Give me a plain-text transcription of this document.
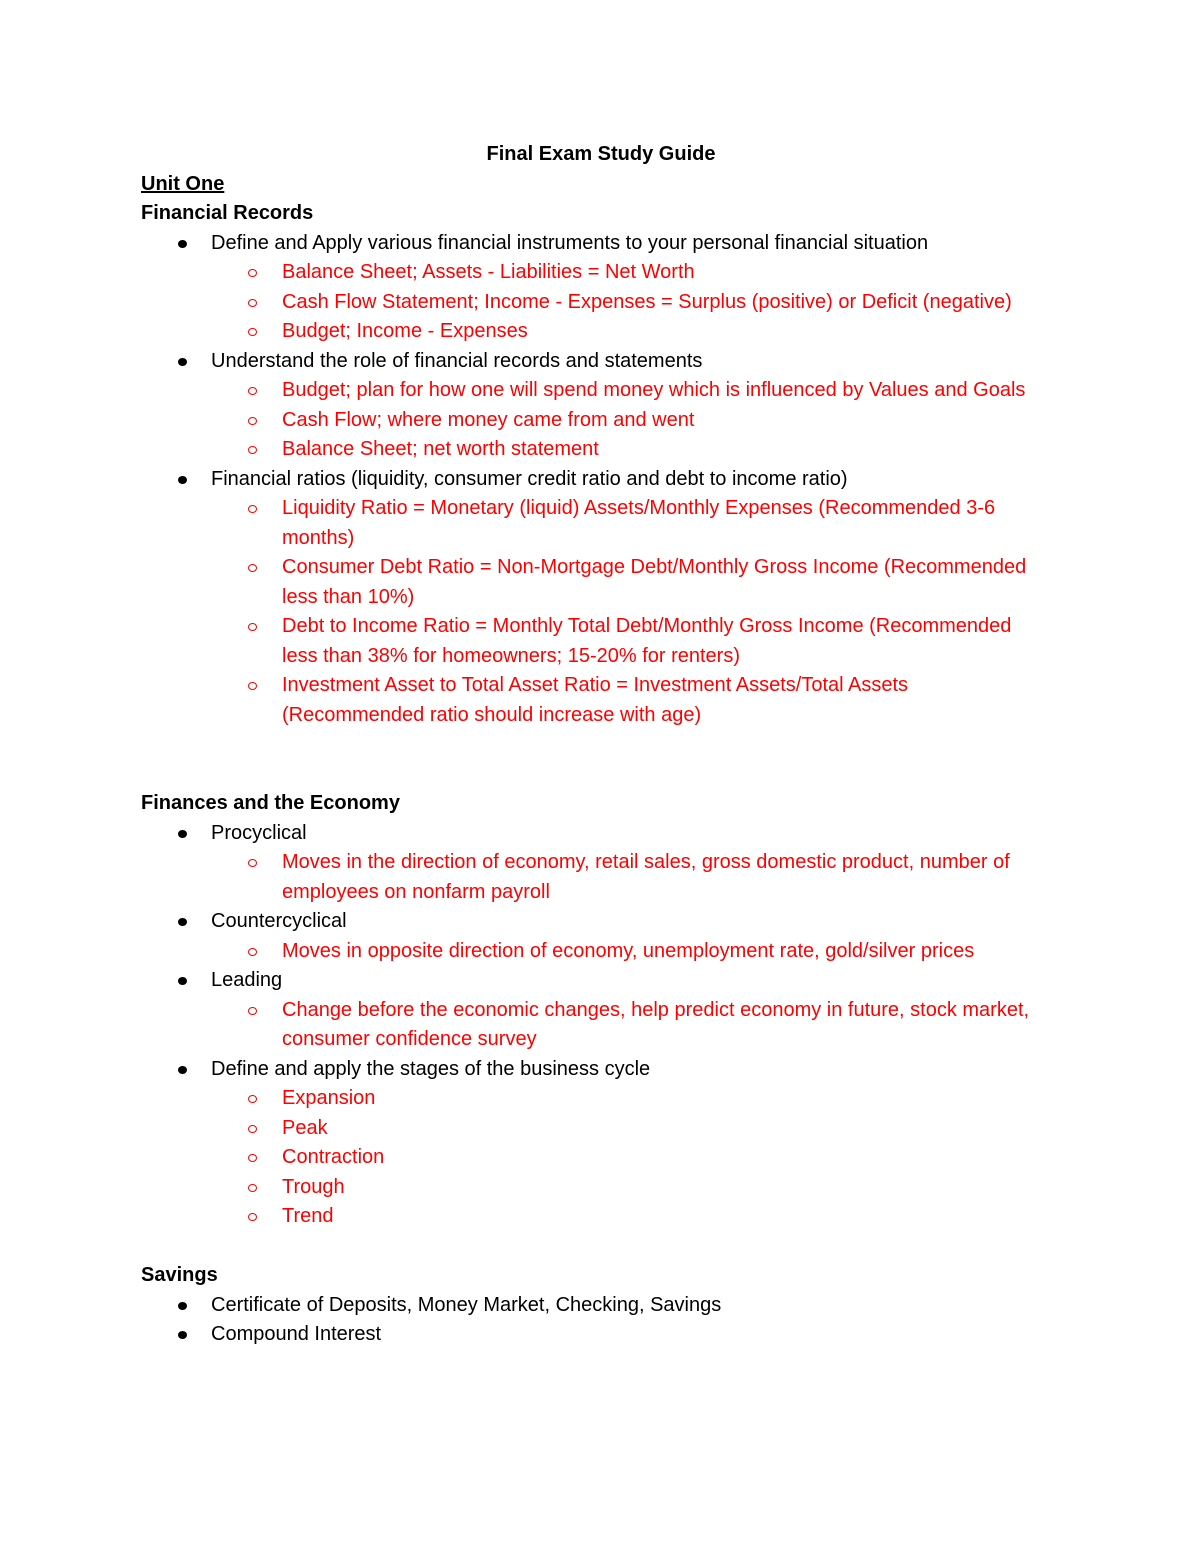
Final Exam Study Guide

Unit One

Financial Records

Define and Apply various financial instruments to your personal financial situation
Balance Sheet; Assets - Liabilities = Net Worth
Cash Flow Statement; Income - Expenses = Surplus (positive) or Deficit (negative)
Budget; Income - Expenses
Understand the role of financial records and statements
Budget; plan for how one will spend money which is influenced by Values and Goals
Cash Flow; where money came from and went
Balance Sheet; net worth statement
Financial ratios (liquidity, consumer credit ratio and debt to income ratio)
Liquidity Ratio = Monetary (liquid) Assets/Monthly Expenses (Recommended 3-6 months)
Consumer Debt Ratio = Non-Mortgage Debt/Monthly Gross Income (Recommended less than 10%)
Debt to Income Ratio = Monthly Total Debt/Monthly Gross Income (Recommended less than 38% for homeowners; 15-20% for renters)
Investment Asset to Total Asset Ratio = Investment Assets/Total Assets (Recommended ratio should increase with age)

Finances and the Economy

Procyclical
Moves in the direction of economy, retail sales, gross domestic product, number of employees on nonfarm payroll
Countercyclical
Moves in opposite direction of economy, unemployment rate, gold/silver prices
Leading
Change before the economic changes, help predict economy in future, stock market, consumer confidence survey
Define and apply the stages of the business cycle
Expansion
Peak
Contraction
Trough
Trend

Savings

Certificate of Deposits, Money Market, Checking, Savings
Compound Interest
